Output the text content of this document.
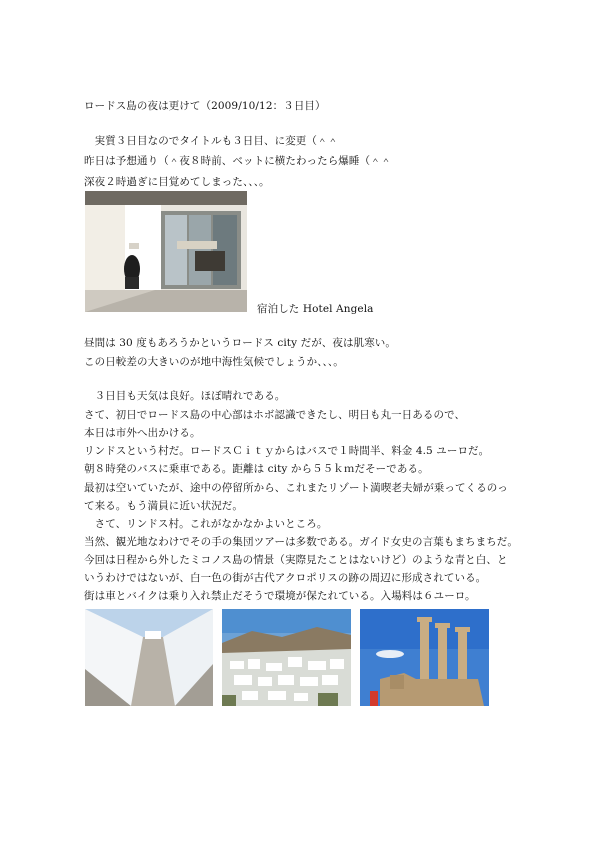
ロードス島の夜は更けて（2009/10/12：３日目）
　実質３日目なのでタイトルも３日目、に変更（＾＾
昨日は予想通り（＾夜８時前、ベットに横たわったら爆睡（＾＾
深夜２時過ぎに目覚めてしまった、、、。
宿泊した Hotel Angela
昼間は 30 度もあろうかというロードス city だが、夜は肌寒い。
この日較差の大きいのが地中海性気候でしょうか、、、。
　３日目も天気は良好。ほぼ晴れである。
さて、初日でロードス島の中心部はホボ認識できたし、明日も丸一日あるので、
本日は市外へ出かける。
リンドスという村だ。ロードスＣｉｔｙからはバスで１時間半、料金 4.5 ユーロだ。
朝８時発のバスに乗車である。距離は city から５５ｋｍだそーである。
最初は空いていたが、途中の停留所から、これまたリゾート満喫老夫婦が乗ってくるのっ
て来る。もう満員に近い状況だ。
　さて、リンドス村。これがなかなかよいところ。
当然、観光地なわけでその手の集団ツアーは多数である。ガイド女史の言葉もまちまちだ。
今回は日程から外したミコノス島の情景（実際見たことはないけど）のような青と白、と
いうわけではないが、白一色の街が古代アクロポリスの跡の周辺に形成されている。
街は車とバイクは乗り入れ禁止だそうで環境が保たれている。入場料は６ユーロ。
